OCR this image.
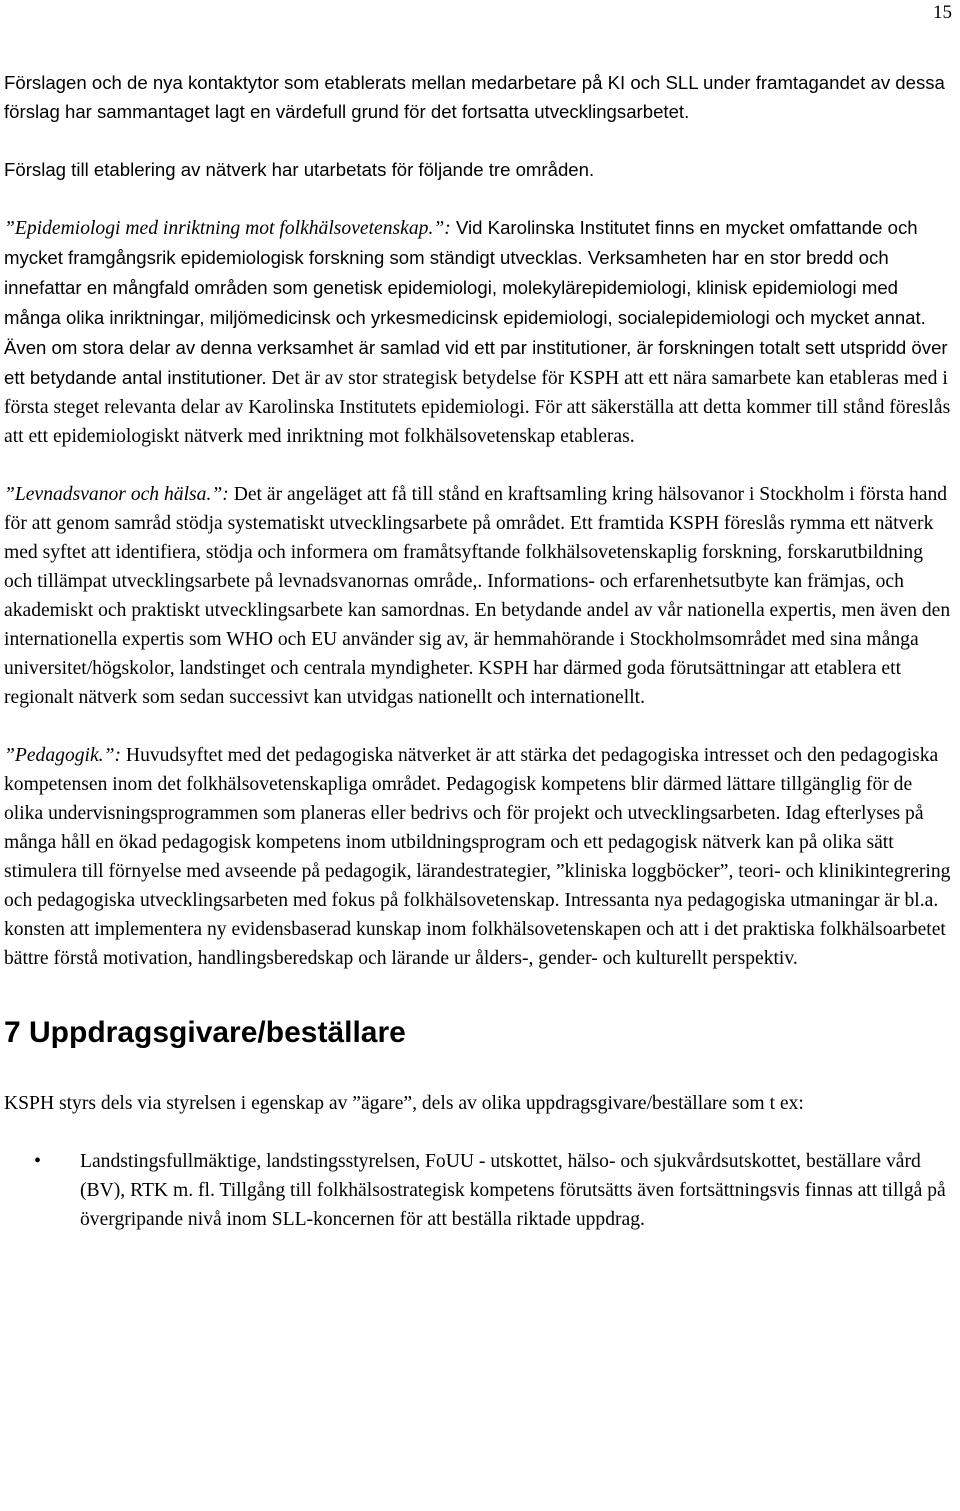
15

Förslagen och de nya kontaktytor som etablerats mellan medarbetare på KI och SLL under framtagandet av dessa förslag har sammantaget lagt en värdefull grund för det fortsatta utvecklingsarbetet.

Förslag till etablering av nätverk har utarbetats för följande tre områden.

”Epidemiologi med inriktning mot folkhälsovetenskap.”: Vid Karolinska Institutet finns en mycket omfattande och mycket framgångsrik epidemiologisk forskning som ständigt utvecklas. Verksamheten har en stor bredd och innefattar en mångfald områden som genetisk epidemiologi, molekylärepidemiologi, klinisk epidemiologi med många olika inriktningar, miljömedicinsk och yrkesmedicinsk epidemiologi, socialepidemiologi och mycket annat. Även om stora delar av denna verksamhet är samlad vid ett par institutioner, är forskningen totalt sett utspridd över ett betydande antal institutioner. Det är av stor strategisk betydelse för KSPH att ett nära samarbete kan etableras med i första steget relevanta delar av Karolinska Institutets epidemiologi. För att säkerställa att detta kommer till stånd föreslås att ett epidemiologiskt nätverk med inriktning mot folkhälsovetenskap etableras.

”Levnadsvanor och hälsa.”: Det är angeläget att få till stånd en kraftsamling kring hälsovanor i Stockholm i första hand för att genom samråd stödja systematiskt utvecklingsarbete på området. Ett framtida KSPH föreslås rymma ett nätverk med syftet att identifiera, stödja och informera om framåtsyftande folkhälsovetenskaplig forskning, forskarutbildning och tillämpat utvecklingsarbete på levnadsvanornas område,. Informations- och erfarenhetsutbyte kan främjas, och akademiskt och praktiskt utvecklingsarbete kan samordnas. En betydande andel av vår nationella expertis, men även den internationella expertis som WHO och EU använder sig av, är hemmahörande i Stockholmsområdet med sina många universitet/högskolor, landstinget och centrala myndigheter. KSPH har därmed goda förutsättningar att etablera ett regionalt nätverk som sedan successivt kan utvidgas nationellt och internationellt.

”Pedagogik.”: Huvudsyftet med det pedagogiska nätverket är att stärka det pedagogiska intresset och den pedagogiska kompetensen inom det folkhälsovetenskapliga området. Pedagogisk kompetens blir därmed lättare tillgänglig för de olika undervisningsprogrammen som planeras eller bedrivs och för projekt och utvecklingsarbeten. Idag efterlyses på många håll en ökad pedagogisk kompetens inom utbildningsprogram och ett pedagogisk nätverk kan på olika sätt stimulera till förnyelse med avseende på pedagogik, lärandestrategier, ”kliniska loggböcker”, teori- och klinikintegrering och pedagogiska utvecklingsarbeten med fokus på folkhälsovetenskap. Intressanta nya pedagogiska utmaningar är bl.a. konsten att implementera ny evidensbaserad kunskap inom folkhälsovetenskapen och att i det praktiska folkhälsoarbetet bättre förstå motivation, handlingsberedskap och lärande ur ålders-, gender- och kulturellt perspektiv.

7 Uppdragsgivare/beställare

KSPH styrs dels via styrelsen i egenskap av ”ägare”, dels av olika uppdragsgivare/beställare som t ex:

• Landstingsfullmäktige, landstingsstyrelsen, FoUU - utskottet, hälso- och sjukvårdsutskottet, beställare vård (BV), RTK m. fl. Tillgång till folkhälsostrategisk kompetens förutsätts även fortsättningsvis finnas att tillgå på övergripande nivå inom SLL-koncernen för att beställa riktade uppdrag.
